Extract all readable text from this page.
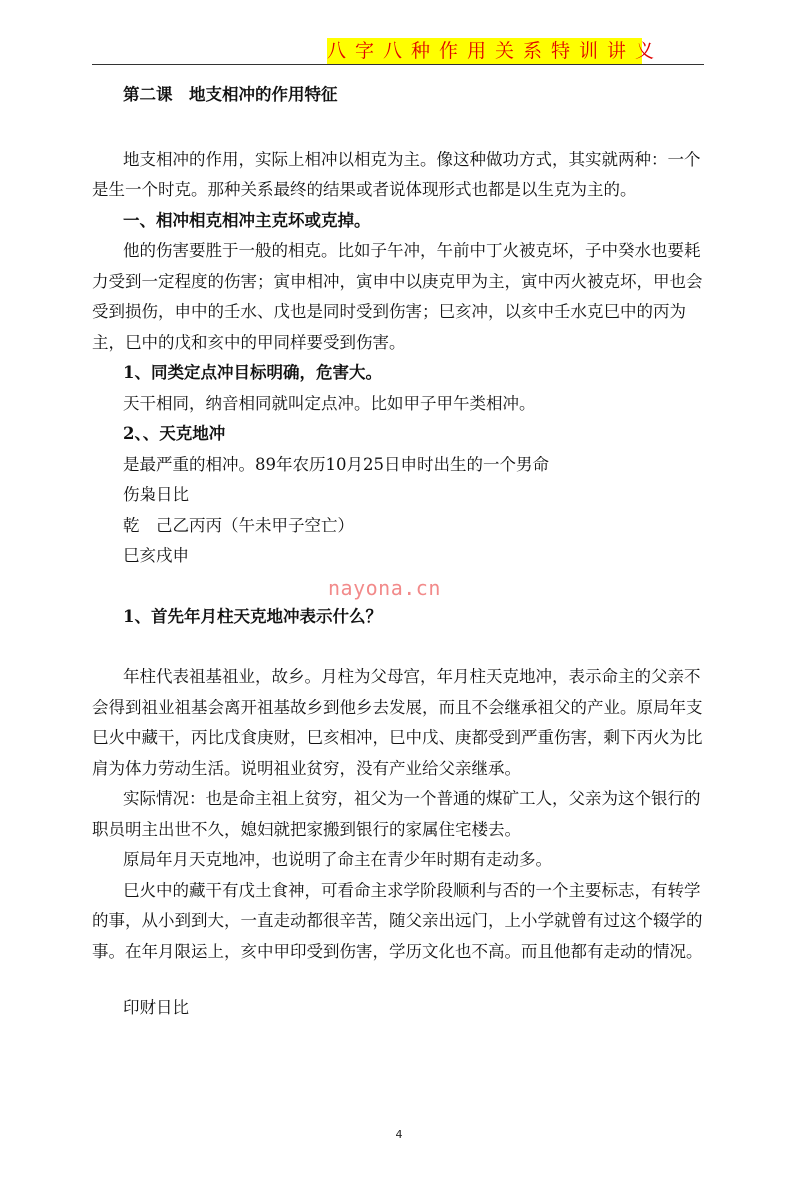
八字八种作用关系特训讲义

第二课　地支相冲的作用特征

地支相冲的作用，实际上相冲以相克为主。像这种做功方式，其实就两种：一个是生一个时克。那种关系最终的结果或者说体现形式也都是以生克为主的。

一、相冲相克相冲主克坏或克掉。

他的伤害要胜于一般的相克。比如子午冲，午前中丁火被克坏，子中癸水也要耗力受到一定程度的伤害；寅申相冲，寅申中以庚克甲为主，寅中丙火被克坏，甲也会受到损伤，申中的壬水、戊也是同时受到伤害；巳亥冲，以亥中壬水克巳中的丙为主，巳中的戊和亥中的甲同样要受到伤害。

1、同类定点冲目标明确，危害大。

天干相同，纳音相同就叫定点冲。比如甲子甲午类相冲。

2、、天克地冲

是最严重的相冲。89年农历10月25日申时出生的一个男命

伤枭日比

乾　己乙丙丙（午未甲子空亡）

巳亥戌申

1、首先年月柱天克地冲表示什么？

年柱代表祖基祖业，故乡。月柱为父母宫，年月柱天克地冲，表示命主的父亲不会得到祖业祖基会离开祖基故乡到他乡去发展，而且不会继承祖父的产业。原局年支巳火中藏干，丙比戊食庚财，巳亥相冲，巳中戊、庚都受到严重伤害，剩下丙火为比肩为体力劳动生活。说明祖业贫穷，没有产业给父亲继承。

实际情况：也是命主祖上贫穷，祖父为一个普通的煤矿工人，父亲为这个银行的职员明主出世不久，媳妇就把家搬到银行的家属住宅楼去。

原局年月天克地冲，也说明了命主在青少年时期有走动多。

巳火中的藏干有戊土食神，可看命主求学阶段顺利与否的一个主要标志，有转学的事，从小到到大，一直走动都很辛苦，随父亲出远门，上小学就曾有过这个辍学的事。在年月限运上，亥中甲印受到伤害，学历文化也不高。而且他都有走动的情况。

印财日比

nayona.cn
4
